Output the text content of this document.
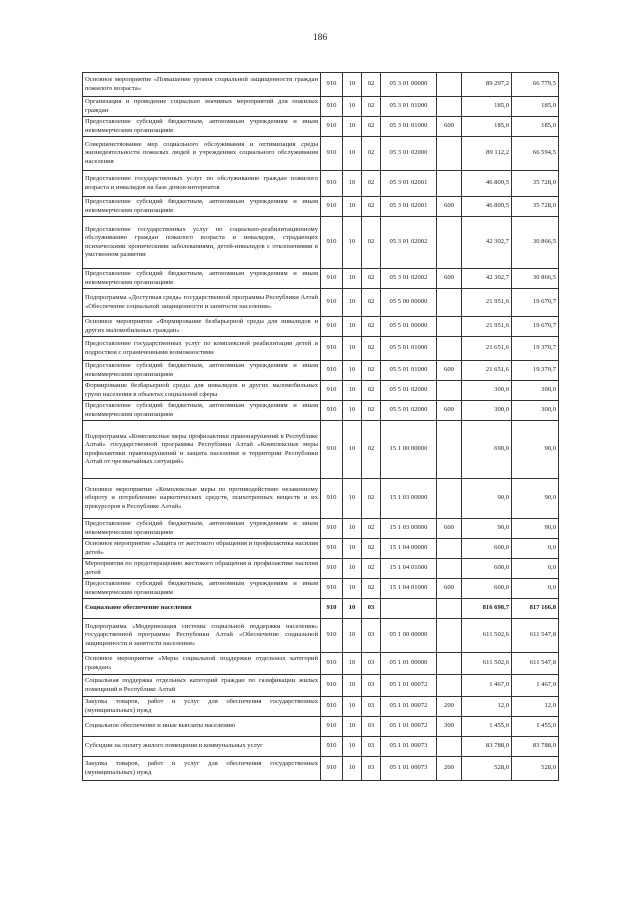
186
Основное мероприятие «Повышение уровня социальной защищенности граждан пожилого возраста»	910	10	02	05 3 01 00000		89 297,2	66 779,5
Организация и проведение социально значимых мероприятий для пожилых граждан	910	10	02	05 3 01 01000		185,0	185,0
Предоставление субсидий бюджетным, автономным учреждениям и иным некоммерческим организациям	910	10	02	05 3 01 01000	600	185,0	185,0
Совершенствование мер социального обслуживания и оптимизация среды жизнедеятельности пожилых людей в учреждениях социального обслуживания населения	910	10	02	05 3 01 02000		89 112,2	66 594,5
Предоставление государственных услуг по обслуживанию граждан пожилого возраста и инвалидов на базе домов-интернатов	910	10	02	05 3 01 02001		46 809,5	35 728,0
Предоставление субсидий бюджетным, автономным учреждениям и иным некоммерческим организациям	910	10	02	05 3 01 02001	600	46 809,5	35 728,0
Предоставление государственных услуг по социально-реабилитационному обслуживанию граждан пожилого возраста и инвалидов, страдающих психическими хроническими заболеваниями, детей-инвалидов с отклонениями в умственном развитии	910	10	02	05 3 01 02002		42 302,7	30 866,5
Предоставление субсидий бюджетным, автономным учреждениям и иным некоммерческим организациям	910	10	02	05 3 01 02002	600	42 302,7	30 866,5
Подпрограмма «Доступная среда» государственной программы Республики Алтай «Обеспечение социальной защищенности и занятости населения»	910	10	02	05 5 00 00000		21 951,6	19 670,7
Основное мероприятие «Формирование безбарьерной среды для инвалидов и других маломобильных граждан»	910	10	02	05 5 01 00000		21 951,6	19 670,7
Предоставление государственных услуг по комплексной реабилитации детей и подростков с ограниченными возможностями	910	10	02	05 5 01 01000		21 651,6	19 370,7
Предоставление субсидий бюджетным, автономным учреждениям и иным некоммерческим организациям	910	10	02	05 5 01 01000	600	21 651,6	19 370,7
Формирование безбарьерной среды для инвалидов и других маломобильных групп населения в объектах социальной сферы	910	10	02	05 5 01 02000		300,0	300,0
Предоставление субсидий бюджетным, автономным учреждениям и иным некоммерческим организациям	910	10	02	05 5 01 02000	600	300,0	300,0
Подпрограмма «Комплексные меры профилактики правонарушений в Республике Алтай» государственной программы Республики Алтай «Комплексные меры профилактики правонарушений и защита населения и территории Республики Алтай от чрезвычайных ситуаций»	910	10	02	15 1 00 00000		690,0	90,0
Основное мероприятие «Комплексные меры по противодействию незаконному обороту и потреблению наркотических средств, психотропных веществ и их прекурсоров в Республике Алтай»	910	10	02	15 1 03 00000		90,0	90,0
Предоставление субсидий бюджетным, автономным учреждениям и иным некоммерческим организациям	910	10	02	15 1 03 00000	600	90,0	90,0
Основное мероприятие «Защита от жестокого обращения и профилактика насилия детей»	910	10	02	15 1 04 00000		600,0	0,0
Мероприятия по предотвращению жестокого обращения и профилактике насилия детей	910	10	02	15 1 04 01000		600,0	0,0
Предоставление субсидий бюджетным, автономным учреждениям и иным некоммерческим организациям	910	10	02	15 1 04 01000	600	600,0	0,0
Социальное обеспечение населения	910	10	03			816 698,7	817 166,8
Подпрограмма «Модернизация системы социальной поддержки населения» государственной программы Республики Алтай «Обеспечение социальной защищенности и занятости населения»	910	10	03	05 1 00 00000		611 502,6	611 547,8
Основное мероприятие «Меры социальной поддержки отдельных категорий граждан»	910	10	03	05 1 01 00000		611 502,6	611 547,8
Социальная поддержка отдельных категорий граждан по газификации жилых помещений в Республике Алтай	910	10	03	05 1 01 00072		1 467,0	1 467,0
Закупка товаров, работ и услуг для обеспечения государственных (муниципальных) нужд	910	10	03	05 1 01 00072	200	12,0	12,0
Социальное обеспечение и иные выплаты населению	910	10	03	05 1 01 00072	300	1 455,0	1 455,0
Субсидии на оплату жилого помещения и коммунальных услуг	910	10	03	05 1 01 00073		83 788,0	83 788,0
Закупка товаров, работ и услуг для обеспечения государственных (муниципальных) нужд	910	10	03	05 1 01 00073	200	528,0	528,0
